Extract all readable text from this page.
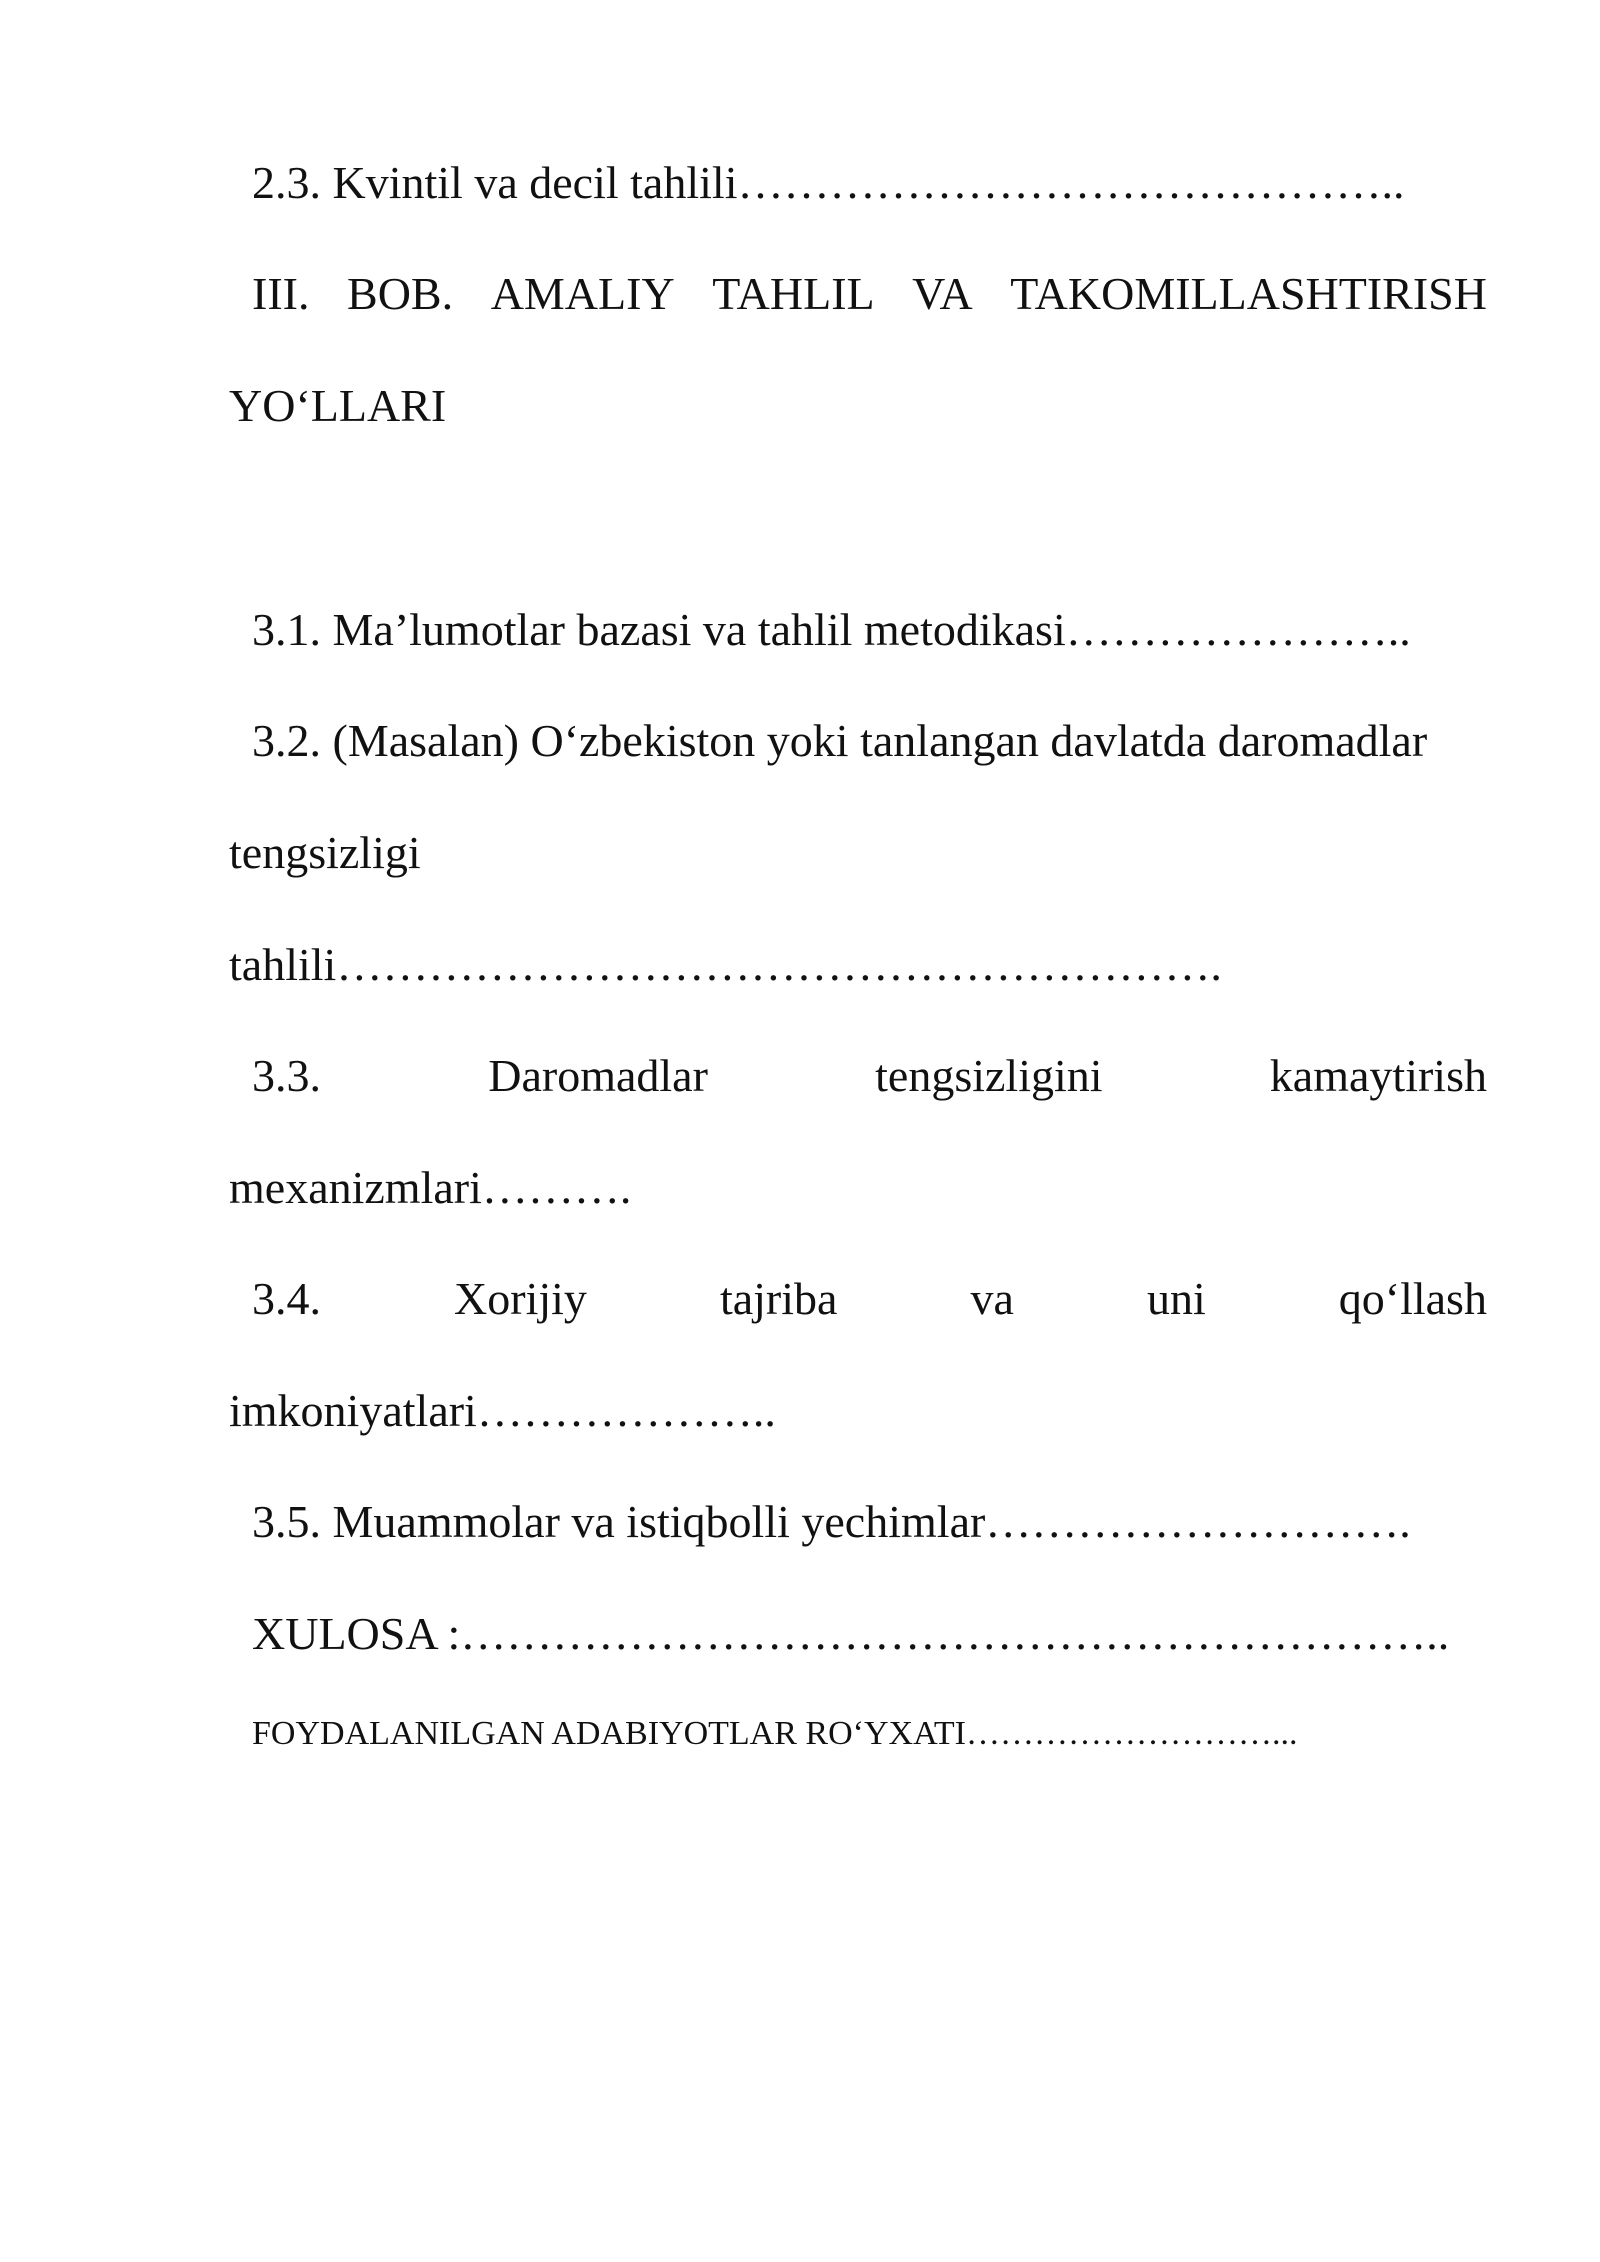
2.3. Kvintil va decil tahlili……………………………………..
III. BOB. AMALIY TAHLIL VA TAKOMILLASHTIRISH
YO‘LLARI
3.1. Ma’lumotlar bazasi va tahlil metodikasi…………………..
3.2. (Masalan) O‘zbekiston yoki tanlangan davlatda daromadlar
tengsizligi
tahlili………………………………………………….
3.3.	Daromadlar	tengsizligini	kamaytirish
mexanizmlari……….
3.4.	Xorijiy	tajriba	va	uni	qo‘llash
imkoniyatlari………………..
3.5. Muammolar va istiqbolli yechimlar……………………….
XULOSA :………………………………………………………..
FOYDALANILGAN ADABIYOTLAR RO‘YXATI………………………...
